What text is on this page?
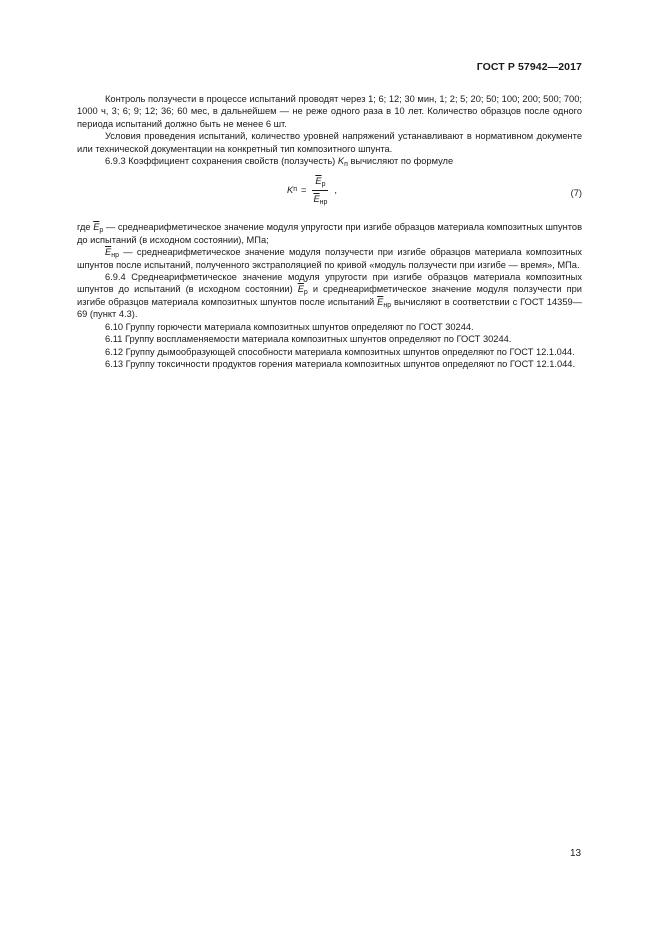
ГОСТ Р 57942—2017

Контроль ползучести в процессе испытаний проводят через 1; 6; 12; 30 мин, 1; 2; 5; 20; 50; 100; 200; 500; 700; 1000 ч, 3; 6; 9; 12; 36; 60 мес, в дальнейшем — не реже одного раза в 10 лет. Количество образцов после одного периода испытаний должно быть не менее 6 шт.

Условия проведения испытаний, количество уровней напряжений устанавливают в нормативном документе или технической документации на конкретный тип композитного шпунта.

6.9.3 Коэффициент сохранения свойств (ползучесть) $K_п$ вычисляют по формуле

K $п = \frac{\overline{E}_р}{\overline{E}_{нр}}$ ,	(7)

где $\overline{E}_р$ — среднеарифметическое значение модуля упругости при изгибе образцов материала композитных шпунтов до испытаний (в исходном состоянии), МПа;

$\overline{E}_{нр}$ — среднеарифметическое значение модуля ползучести при изгибе образцов материала композитных шпунтов после испытаний, полученного экстраполяцией по кривой «модуль ползучести при изгибе — время», МПа.

6.9.4 Среднеарифметическое значение модуля упругости при изгибе образцов материала композитных шпунтов до испытаний (в исходном состоянии) $\overline{E}_р$ и среднеарифметическое значение модуля ползучести при изгибе образцов материала композитных шпунтов после испытаний $\overline{E}_{нр}$ вычисляют в соответствии с ГОСТ 14359—69 (пункт 4.3).

6.10 Группу горючести материала композитных шпунтов определяют по ГОСТ 30244.

6.11 Группу воспламеняемости материала композитных шпунтов определяют по ГОСТ 30244.

6.12 Группу дымообразующей способности материала композитных шпунтов определяют по ГОСТ 12.1.044.

6.13 Группу токсичности продуктов горения материала композитных шпунтов определяют по ГОСТ 12.1.044.

13
